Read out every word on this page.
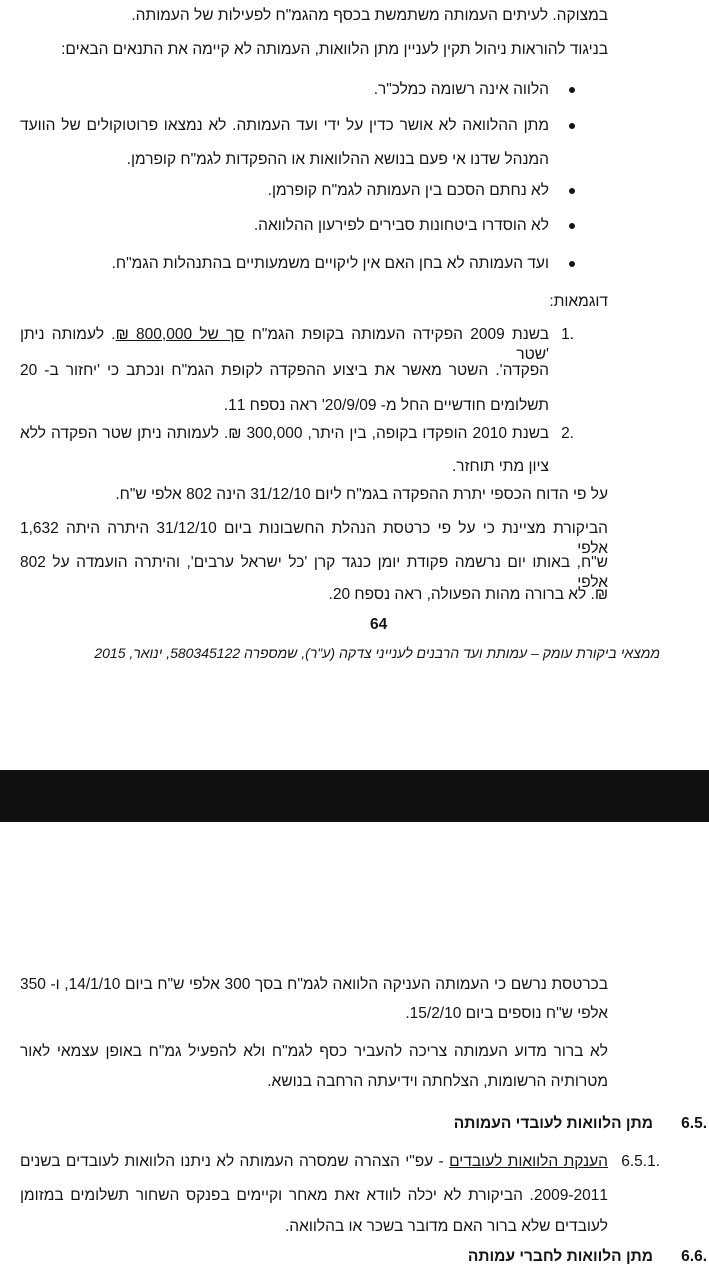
במצוקה. לעיתים העמותה משתמשת בכסף מהגמ"ח לפעילות של העמותה.
בניגוד להוראות ניהול תקין לעניין מתן הלוואות, העמותה לא קיימה את התנאים הבאים:
הלווה אינה רשומה כמלכ"ר.
מתן ההלוואה לא אושר כדין על ידי ועד העמותה. לא נמצאו פרוטוקולים של הוועד
המנהל שדנו אי פעם בנושא ההלוואות או ההפקדות לגמ"ח קופרמן.
לא נחתם הסכם בין העמותה לגמ"ח קופרמן.
לא הוסדרו ביטחונות סבירים לפירעון ההלוואה.
ועד העמותה לא בחן האם אין ליקויים משמעותיים בהתנהלות הגמ"ח.
דוגמאות:
1.
בשנת 2009 הפקידה העמותה בקופת הגמ"ח סך של 800,000 ₪. לעמותה ניתן 'שטר
הפקדה'. השטר מאשר את ביצוע ההפקדה לקופת הגמ"ח ונכתב כי 'יחזור ב- 20
תשלומים חודשיים החל מ- 20/9/09' ראה נספח 11.
2.
בשנת 2010 הופקדו בקופה, בין היתר, 300,000 ₪. לעמותה ניתן שטר הפקדה ללא
ציון מתי תוחזר.
על פי הדוח הכספי יתרת ההפקדה בגמ"ח ליום 31/12/10 הינה 802 אלפי ש"ח.
הביקורת מציינת כי על פי כרטסת הנהלת החשבונות ביום 31/12/10 היתרה היתה 1,632 אלפי
ש"ח, באותו יום נרשמה פקודת יומן כנגד קרן 'כל ישראל ערבים', והיתרה הועמדה על 802 אלפי
₪. לא ברורה מהות הפעולה, ראה נספח 20.
64
ממצאי ביקורת עומק – עמותת ועד הרבנים לענייני צדקה (ע"ר), שמספרה 580345122, ינואר, 2015
בכרטסת נרשם כי העמותה העניקה הלוואה לגמ"ח בסך 300 אלפי ש"ח ביום 14/1/10, ו- 350
אלפי ש"ח נוספים ביום 15/2/10.
לא ברור מדוע העמותה צריכה להעביר כסף לגמ"ח ולא להפעיל גמ"ח באופן עצמאי לאור
מטרותיה הרשומות, הצלחתה וידיעתה הרחבה בנושא.
6.5.
מתן הלוואות לעובדי העמותה
6.5.1.
הענקת הלוואות לעובדים - עפ"י הצהרה שמסרה העמותה לא ניתנו הלוואות לעובדים בשנים
2009-2011. הביקורת לא יכלה לוודא זאת מאחר וקיימים בפנקס השחור תשלומים במזומן
לעובדים שלא ברור האם מדובר בשכר או בהלוואה.
6.6.
מתן הלוואות לחברי עמותה
